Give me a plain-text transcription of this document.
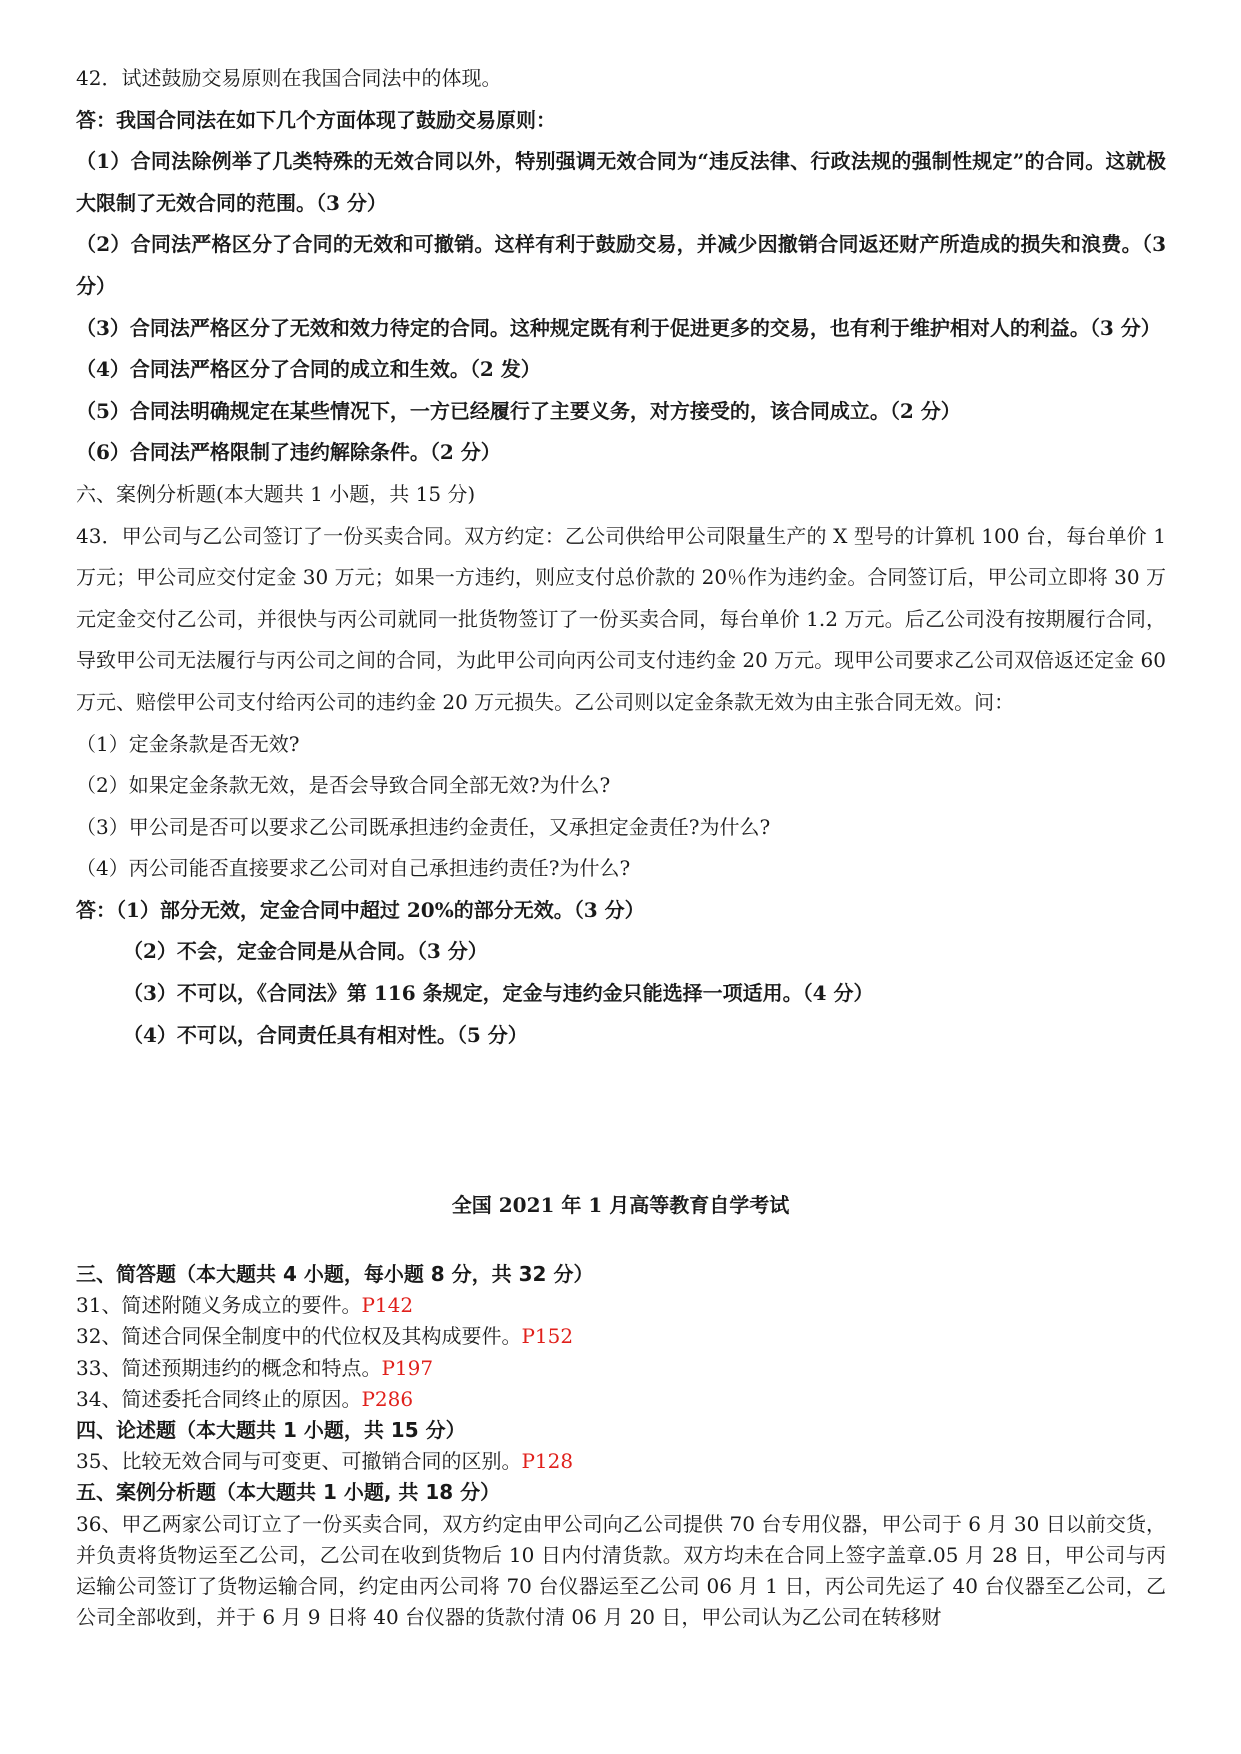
42．试述鼓励交易原则在我国合同法中的体现。

答：我国合同法在如下几个方面体现了鼓励交易原则：

（1）合同法除例举了几类特殊的无效合同以外，特别强调无效合同为“违反法律、行政法规的强制性规定”的合同。这就极大限制了无效合同的范围。（3 分）

（2）合同法严格区分了合同的无效和可撤销。这样有利于鼓励交易，并减少因撤销合同返还财产所造成的损失和浪费。（3 分）

（3）合同法严格区分了无效和效力待定的合同。这种规定既有利于促进更多的交易，也有利于维护相对人的利益。（3 分）

（4）合同法严格区分了合同的成立和生效。（2 发）

（5）合同法明确规定在某些情况下，一方已经履行了主要义务，对方接受的，该合同成立。（2 分）

（6）合同法严格限制了违约解除条件。（2 分）

六、案例分析题(本大题共 1 小题，共 15 分)

43．甲公司与乙公司签订了一份买卖合同。双方约定：乙公司供给甲公司限量生产的 X 型号的计算机 100 台，每台单价 1 万元；甲公司应交付定金 30 万元；如果一方违约，则应支付总价款的 20％作为违约金。合同签订后，甲公司立即将 30 万元定金交付乙公司，并很快与丙公司就同一批货物签订了一份买卖合同，每台单价 1.2 万元。后乙公司没有按期履行合同，导致甲公司无法履行与丙公司之间的合同，为此甲公司向丙公司支付违约金 20 万元。现甲公司要求乙公司双倍返还定金 60 万元、赔偿甲公司支付给丙公司的违约金 20 万元损失。乙公司则以定金条款无效为由主张合同无效。问：

（1）定金条款是否无效?

（2）如果定金条款无效，是否会导致合同全部无效?为什么?

（3）甲公司是否可以要求乙公司既承担违约金责任，又承担定金责任?为什么?

（4）丙公司能否直接要求乙公司对自己承担违约责任?为什么?

答：（1）部分无效，定金合同中超过 20%的部分无效。（3 分）

（2）不会，定金合同是从合同。（3 分）

（3）不可以，《合同法》第 116 条规定，定金与违约金只能选择一项适用。（4 分）

（4）不可以，合同责任具有相对性。（5 分）

全国 2021 年 1 月高等教育自学考试

三、简答题（本大题共 4 小题，每小题 8 分，共 32 分）

31、简述附随义务成立的要件。P142

32、简述合同保全制度中的代位权及其构成要件。P152

33、简述预期违约的概念和特点。P197

34、简述委托合同终止的原因。P286

四、论述题（本大题共 1 小题，共 15 分）

35、比较无效合同与可变更、可撤销合同的区别。P128

五、案例分析题（本大题共 1 小题, 共 18 分）

36、甲乙两家公司订立了一份买卖合同，双方约定由甲公司向乙公司提供 70 台专用仪器，甲公司于 6 月 30 日以前交货，并负责将货物运至乙公司，乙公司在收到货物后 10 日内付清货款。双方均未在合同上签字盖章.05 月 28 日，甲公司与丙运输公司签订了货物运输合同，约定由丙公司将 70 台仪器运至乙公司 06 月 1 日，丙公司先运了 40 台仪器至乙公司，乙公司全部收到，并于 6 月 9 日将 40 台仪器的货款付清 06 月 20 日，甲公司认为乙公司在转移财
